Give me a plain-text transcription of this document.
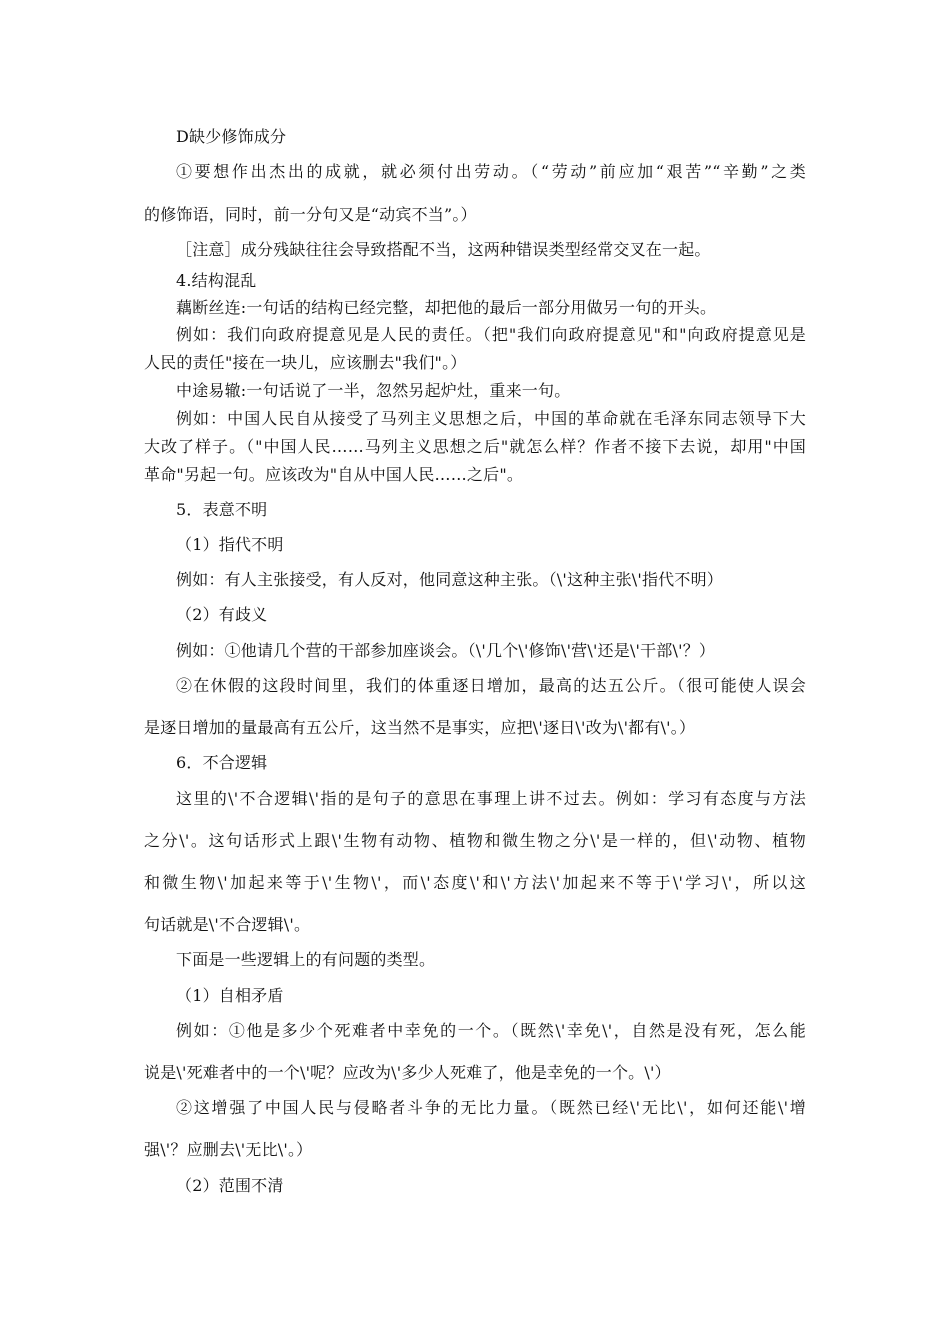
D缺少修饰成分
①要想作出杰出的成就，就必须付出劳动。（“劳动”前应加“艰苦”“辛勤”之类
的修饰语，同时，前一分句又是“动宾不当”。）
［注意］成分残缺往往会导致搭配不当，这两种错误类型经常交叉在一起。
4.结构混乱
藕断丝连:一句话的结构已经完整，却把他的最后一部分用做另一句的开头。
例如：我们向政府提意见是人民的责任。（把"我们向政府提意见"和"向政府提意见是
人民的责任"接在一块儿，应该删去"我们"。）
中途易辙:一句话说了一半，忽然另起炉灶，重来一句。
例如：中国人民自从接受了马列主义思想之后，中国的革命就在毛泽东同志领导下大
大改了样子。（"中国人民……马列主义思想之后"就怎么样？作者不接下去说，却用"中国
革命"另起一句。应该改为"自从中国人民……之后"。
5．表意不明
（1）指代不明
例如：有人主张接受，有人反对，他同意这种主张。（\'这种主张\'指代不明）
（2）有歧义
例如：①他请几个营的干部参加座谈会。（\'几个\'修饰\'营\'还是\'干部\'？）
②在休假的这段时间里，我们的体重逐日增加，最高的达五公斤。（很可能使人误会
是逐日增加的量最高有五公斤，这当然不是事实，应把\'逐日\'改为\'都有\'。）
6．不合逻辑
这里的\'不合逻辑\'指的是句子的意思在事理上讲不过去。例如：学习有态度与方法
之分\'。这句话形式上跟\'生物有动物、植物和微生物之分\'是一样的，但\'动物、植物
和微生物\'加起来等于\'生物\'，而\'态度\'和\'方法\'加起来不等于\'学习\'，所以这
句话就是\'不合逻辑\'。
下面是一些逻辑上的有问题的类型。
（1）自相矛盾
例如：①他是多少个死难者中幸免的一个。（既然\'幸免\'，自然是没有死，怎么能
说是\'死难者中的一个\'呢？应改为\'多少人死难了，他是幸免的一个。\'）
②这增强了中国人民与侵略者斗争的无比力量。（既然已经\'无比\'，如何还能\'增
强\'？应删去\'无比\'。）
（2）范围不清
